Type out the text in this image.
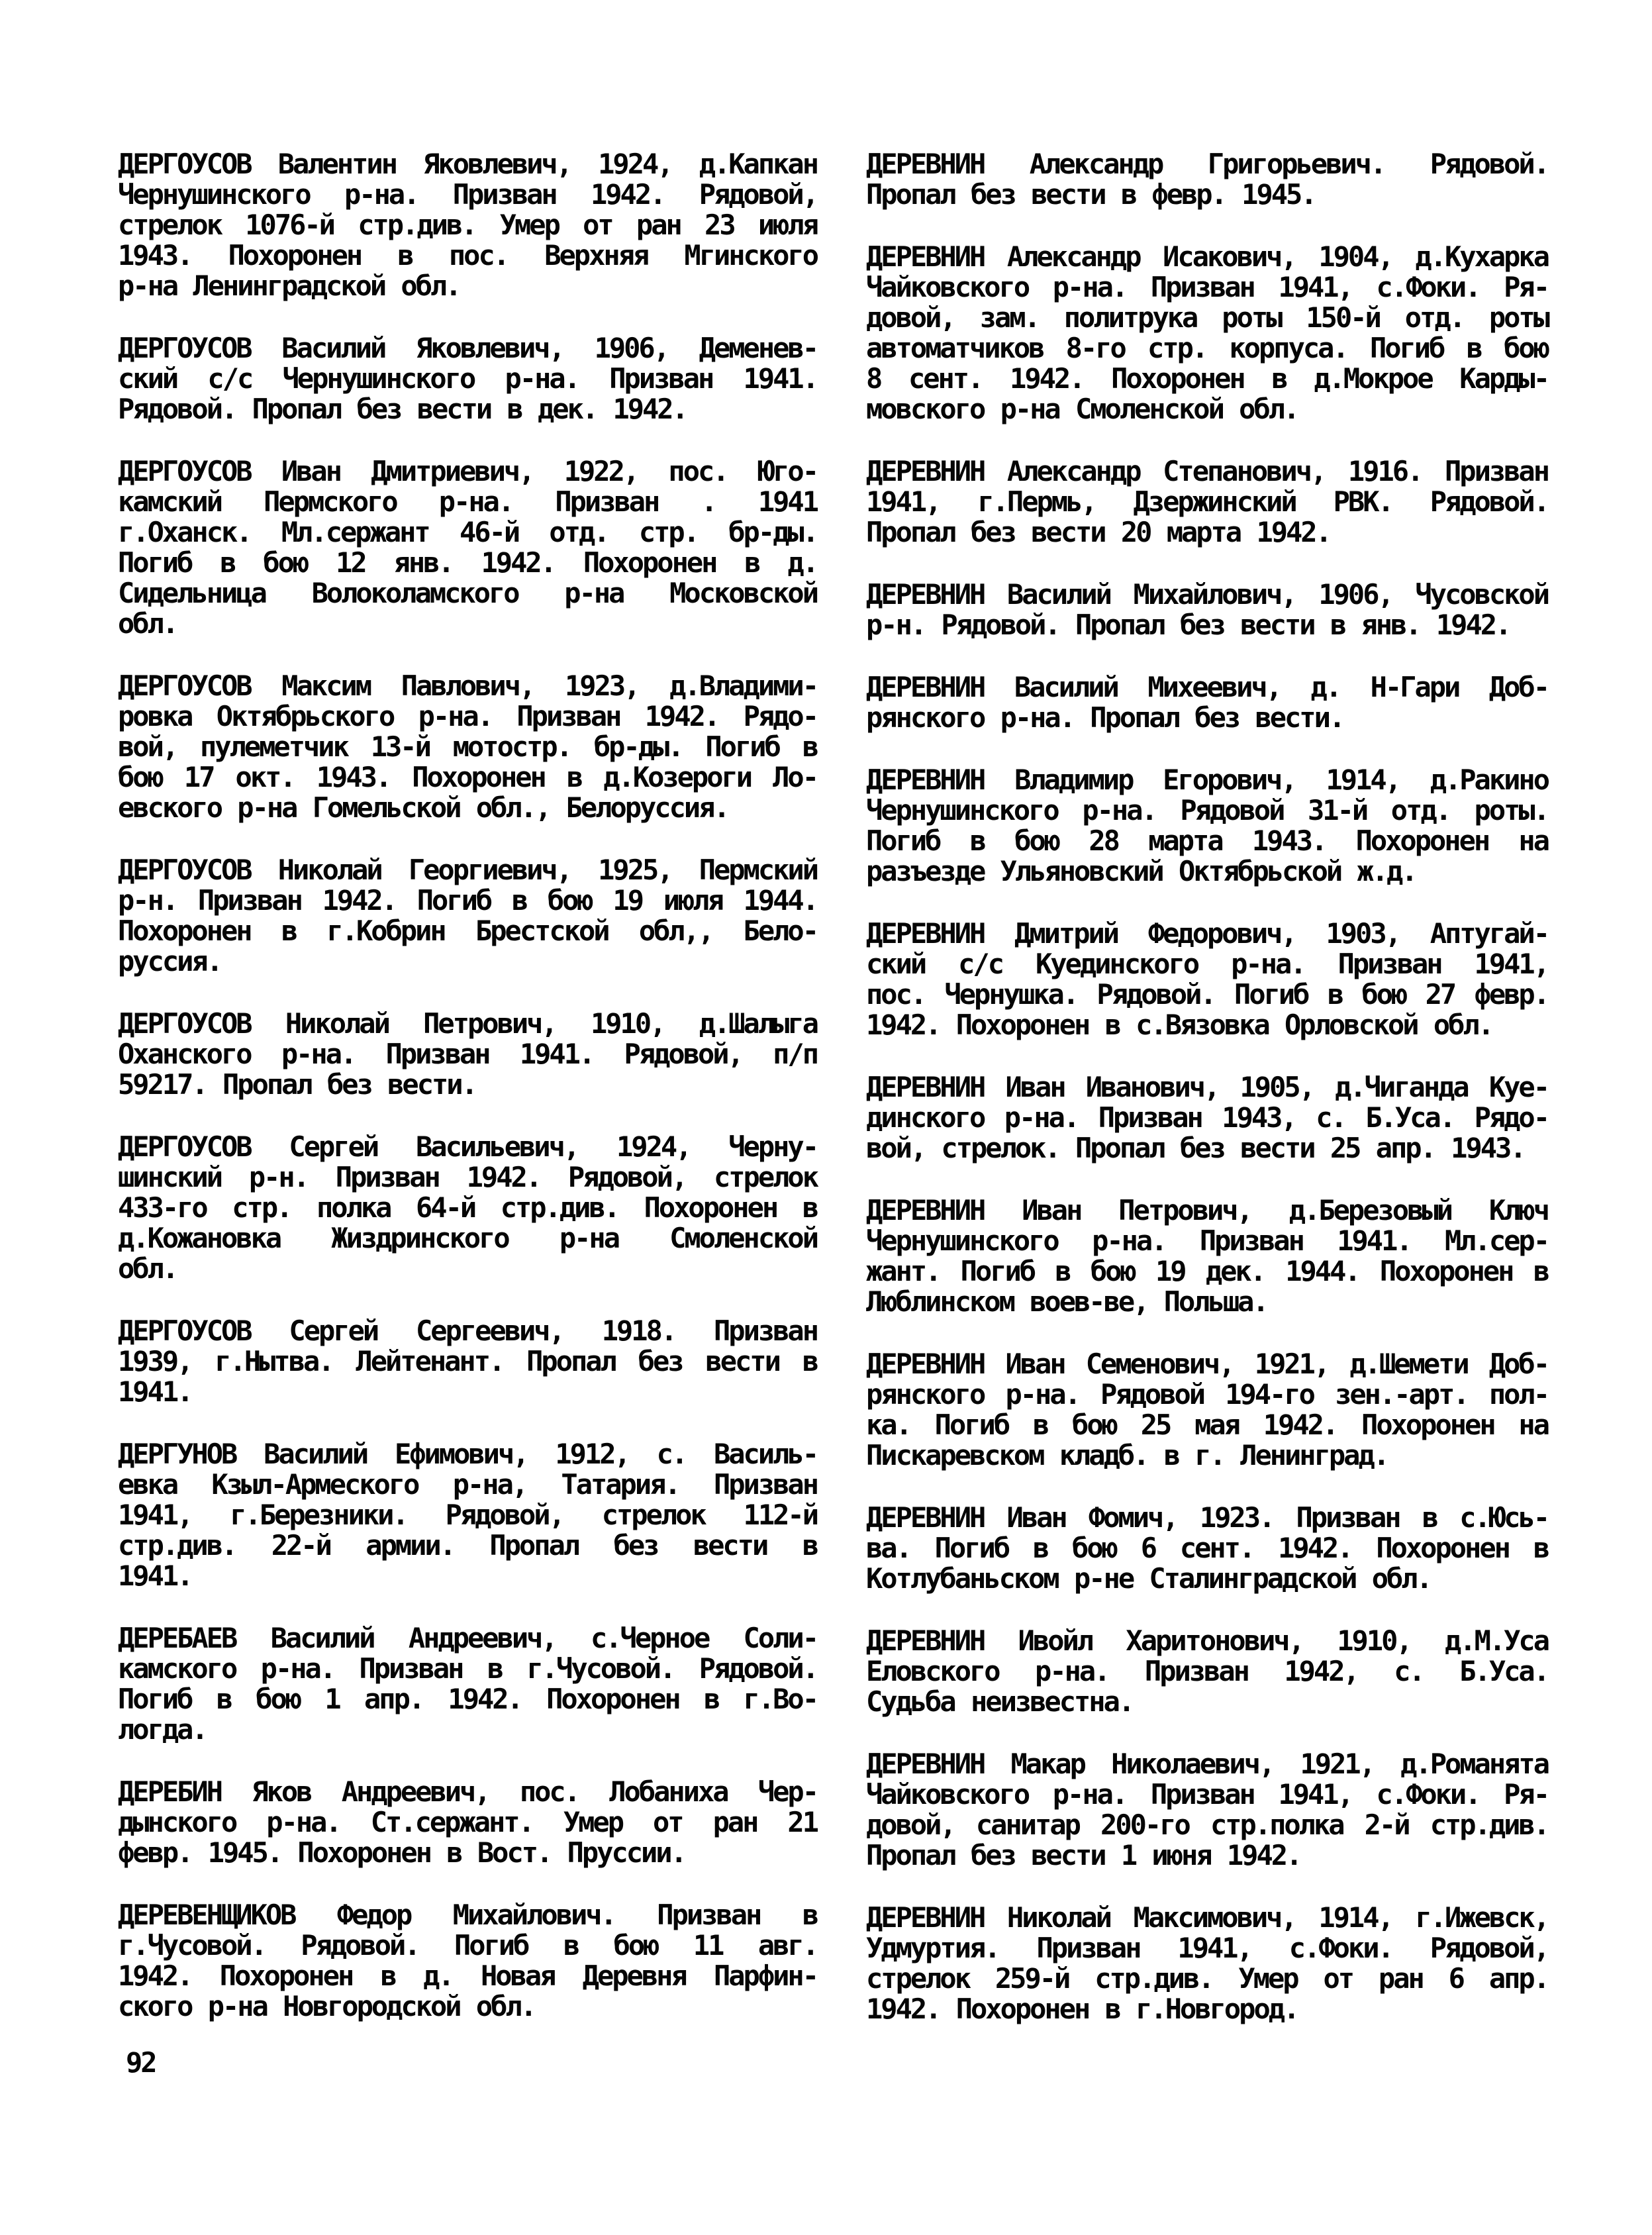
ДЕРГОУСОВ Валентин Яковлевич, 1924, д.Капкан
Чернушинского р-на. Призван 1942. Рядовой,
стрелок 1076-й стр.див. Умер от ран 23 июля
1943. Похоронен в пос. Верхняя Мгинского
р-на Ленинградской обл.
ДЕРГОУСОВ Василий Яковлевич, 1906, Деменев-
ский с/с Чернушинского р-на. Призван 1941.
Рядовой. Пропал без вести в дек. 1942.
ДЕРГОУСОВ Иван Дмитриевич, 1922, пос. Юго-
камский Пермского р-на. Призван . 1941
г.Оханск. Мл.сержант 46-й отд. стр. бр-ды.
Погиб в бою 12 янв. 1942. Похоронен в д.
Сидельница Волоколамского р-на Московской
обл.
ДЕРГОУСОВ Максим Павлович, 1923, д.Владими-
ровка Октябрьского р-на. Призван 1942. Рядо-
вой, пулеметчик 13-й мотостр. бр-ды. Погиб в
бою 17 окт. 1943. Похоронен в д.Козероги Ло-
евского р-на Гомельской обл., Белоруссия.
ДЕРГОУСОВ Николай Георгиевич, 1925, Пермский
р-н. Призван 1942. Погиб в бою 19 июля 1944.
Похоронен в г.Кобрин Брестской обл,, Бело-
руссия.
ДЕРГОУСОВ Николай Петрович, 1910, д.Шалыга
Оханского р-на. Призван 1941. Рядовой, п/п
59217. Пропал без вести.
ДЕРГОУСОВ Сергей Васильевич, 1924, Черну-
шинский р-н. Призван 1942. Рядовой, стрелок
433-го стр. полка 64-й стр.див. Похоронен в
д.Кожановка Жиздринского р-на Смоленской
обл.
ДЕРГОУСОВ Сергей Сергеевич, 1918. Призван
1939, г.Нытва. Лейтенант. Пропал без вести в
1941.
ДЕРГУНОВ Василий Ефимович, 1912, с. Василь-
евка Кзыл-Армеского р-на, Татария. Призван
1941, г.Березники. Рядовой, стрелок 112-й
стр.див. 22-й армии. Пропал без вести в
1941.
ДЕРЕБАЕВ Василий Андреевич, с.Черное Соли-
камского р-на. Призван в г.Чусовой. Рядовой.
Погиб в бою 1 апр. 1942. Похоронен в г.Во-
логда.
ДЕРЕБИН Яков Андреевич, пос. Лобаниха Чер-
дынского р-на. Ст.сержант. Умер от ран 21
февр. 1945. Похоронен в Вост. Пруссии.
ДЕРЕВЕНЩИКОВ Федор Михайлович. Призван в
г.Чусовой. Рядовой. Погиб в бою 11 авг.
1942. Похоронен в д. Новая Деревня Парфин-
ского р-на Новгородской обл.
ДЕРЕВНИН Александр Григорьевич. Рядовой.
Пропал без вести в февр. 1945.
ДЕРЕВНИН Александр Исакович, 1904, д.Кухарка
Чайковского р-на. Призван 1941, с.Фоки. Ря-
довой, зам. политрука роты 150-й отд. роты
автоматчиков 8-го стр. корпуса. Погиб в бою
8 сент. 1942. Похоронен в д.Мокрое Карды-
мовского р-на Смоленской обл.
ДЕРЕВНИН Александр Степанович, 1916. Призван
1941, г.Пермь, Дзержинский РВК. Рядовой.
Пропал без вести 20 марта 1942.
ДЕРЕВНИН Василий Михайлович, 1906, Чусовской
р-н. Рядовой. Пропал без вести в янв. 1942.
ДЕРЕВНИН Василий Михеевич, д. Н-Гари Доб-
рянского р-на. Пропал без вести.
ДЕРЕВНИН Владимир Егорович, 1914, д.Ракино
Чернушинского р-на. Рядовой 31-й отд. роты.
Погиб в бою 28 марта 1943. Похоронен на
разъезде Ульяновский Октябрьской ж.д.
ДЕРЕВНИН Дмитрий Федорович, 1903, Аптугай-
ский с/с Куединского р-на. Призван 1941,
пос. Чернушка. Рядовой. Погиб в бою 27 февр.
1942. Похоронен в с.Вязовка Орловской обл.
ДЕРЕВНИН Иван Иванович, 1905, д.Чиганда Куе-
динского р-на. Призван 1943, с. Б.Уса. Рядо-
вой, стрелок. Пропал без вести 25 апр. 1943.
ДЕРЕВНИН Иван Петрович, д.Березовый Ключ
Чернушинского р-на. Призван 1941. Мл.сер-
жант. Погиб в бою 19 дек. 1944. Похоронен в
Люблинском воев-ве, Польша.
ДЕРЕВНИН Иван Семенович, 1921, д.Шемети Доб-
рянского р-на. Рядовой 194-го зен.-арт. пол-
ка. Погиб в бою 25 мая 1942. Похоронен на
Пискаревском кладб. в г. Ленинград.
ДЕРЕВНИН Иван Фомич, 1923. Призван в с.Юсь-
ва. Погиб в бою 6 сент. 1942. Похоронен в
Котлубаньском р-не Сталинградской обл.
ДЕРЕВНИН Ивойл Харитонович, 1910, д.М.Уса
Еловского р-на. Призван 1942, с. Б.Уса.
Судьба неизвестна.
ДЕРЕВНИН Макар Николаевич, 1921, д.Романята
Чайковского р-на. Призван 1941, с.Фоки. Ря-
довой, санитар 200-го стр.полка 2-й стр.див.
Пропал без вести 1 июня 1942.
ДЕРЕВНИН Николай Максимович, 1914, г.Ижевск,
Удмуртия. Призван 1941, с.Фоки. Рядовой,
стрелок 259-й стр.див. Умер от ран 6 апр.
1942. Похоронен в г.Новгород.
92
